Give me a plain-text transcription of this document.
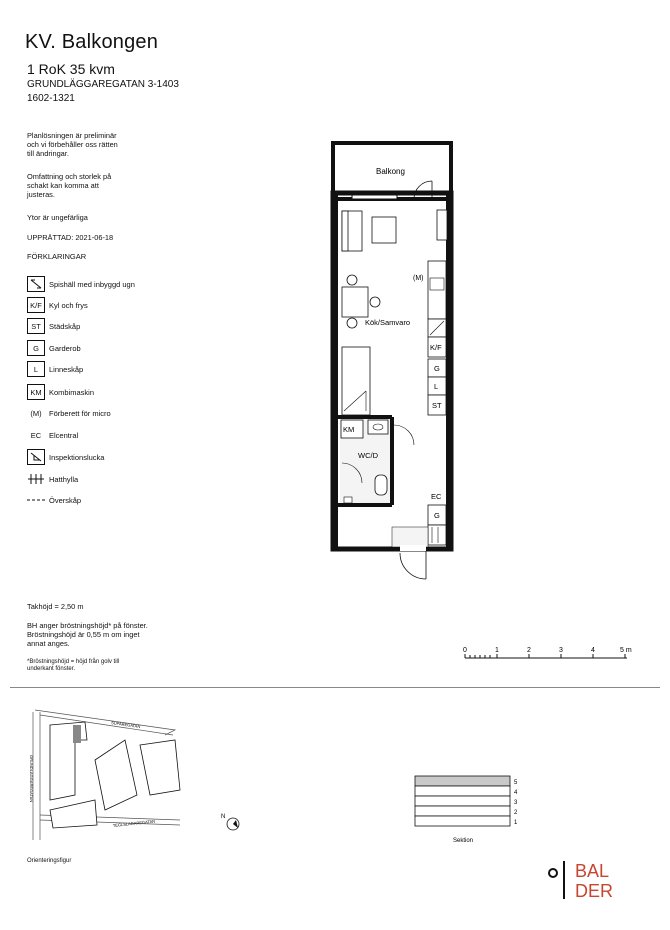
KV. Balkongen
1 RoK 35 kvm
GRUNDLÄGGAREGATAN 3-1403
1602-1321
Planlösningen är preliminär
och vi förbehåller oss rätten
till ändringar.
Omfattning och storlek på
schakt kan komma att
justeras.
Ytor är ungefärliga
UPPRÄTTAD: 2021-06-18
FÖRKLARINGAR
Spishäll med inbyggd ugn
K/F Kyl och frys
ST	Städskåp
G	Garderob
L	Linneskåp
KM Kombimaskin
(M) Förberett för micro
EC	Elcentral
Inspektionslucka
Hatthylla
Överskåp
Takhöjd = 2,50 m
BH anger bröstningshöjd* på fönster.
Bröstningshöjd är 0,55 m om inget
annat anges.
*Bröstningshöjd = höjd från golv till
underkant fönster.
Balkong
Kök/Samvaro
(M)
K/F
G
L
ST
KM
WC/D
EC
G
0	1	2	3	4	5 m
SUPAREGATAN
GRUNDLÄGGAREGATAN
TEGLSLAGAREGATAN
Orienteringsfigur
N
5
4
3
2
1
Sektion
BAL
DER
